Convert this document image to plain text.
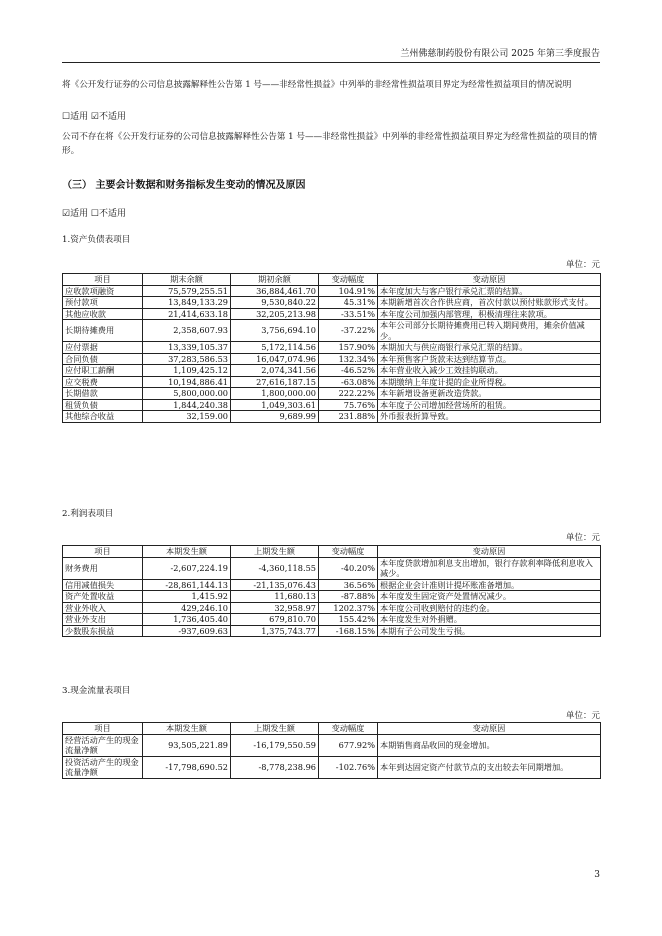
兰州佛慈制药股份有限公司 2025 年第三季度报告
将《公开发行证券的公司信息披露解释性公告第 1 号——非经常性损益》中列举的非经常性损益项目界定为经常性损益项目的情况说明
☐适用 ☑不适用
公司不存在将《公开发行证券的公司信息披露解释性公告第 1 号——非经常性损益》中列举的非经常性损益项目界定为经常性损益的项目的情形。
（三） 主要会计数据和财务指标发生变动的情况及原因
☑适用 ☐不适用
1.资产负债表项目
单位：元
项目	期末余额	期初余额	变动幅度	变动原因
应收款项融资	75,579,255.51	36,884,461.70	104.91%	本年度加大与客户银行承兑汇票的结算。
预付款项	13,849,133.29	9,530,840.22	45.31%	本期新增首次合作供应商，首次付款以预付账款形式支付。
其他应收款	21,414,633.18	32,205,213.98	-33.51%	本年度公司加强内部管理，积极清理往来款项。
长期待摊费用	2,358,607.93	3,756,694.10	-37.22%	本年公司部分长期待摊费用已转入期间费用，摊余价值减少。
应付票据	13,339,105.37	5,172,114.56	157.90%	本期加大与供应商银行承兑汇票的结算。
合同负债	37,283,586.53	16,047,074.96	132.34%	本年预售客户货款未达到结算节点。
应付职工薪酬	1,109,425.12	2,074,341.56	-46.52%	本年营业收入减少工效挂钩联动。
应交税费	10,194,886.41	27,616,187.15	-63.08%	本期缴纳上年度计提的企业所得税。
长期借款	5,800,000.00	1,800,000.00	222.22%	本年新增设备更新改造贷款。
租赁负债	1,844,240.38	1,049,303.61	75.76%	本年度子公司增加经营场所的租赁。
其他综合收益	32,159.00	9,689.99	231.88%	外币报表折算导致。
2.利润表项目
单位：元
项目	本期发生额	上期发生额	变动幅度	变动原因
财务费用	-2,607,224.19	-4,360,118.55	-40.20%	本年度贷款增加利息支出增加，银行存款利率降低利息收入减少。
信用减值损失	-28,861,144.13	-21,135,076.43	36.56%	根据企业会计准则计提坏账准备增加。
资产处置收益	1,415.92	11,680.13	-87.88%	本年度发生固定资产处置情况减少。
营业外收入	429,246.10	32,958.97	1202.37%	本年度公司收到赔付的违约金。
营业外支出	1,736,405.40	679,810.70	155.42%	本年度发生对外捐赠。
少数股东损益	-937,609.63	1,375,743.77	-168.15%	本期有子公司发生亏损。
3.现金流量表项目
单位：元
项目	本期发生额	上期发生额	变动幅度	变动原因
经营活动产生的现金流量净额	93,505,221.89	-16,179,550.59	677.92%	本期销售商品收回的现金增加。
投资活动产生的现金流量净额	-17,798,690.52	-8,778,238.96	-102.76%	本年到达固定资产付款节点的支出较去年同期增加。
3
